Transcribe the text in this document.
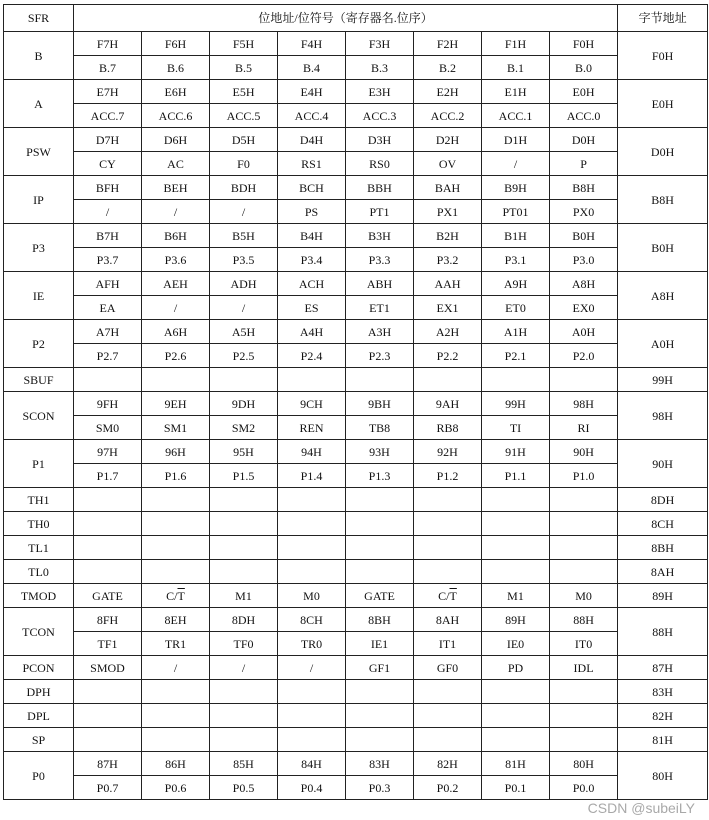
SFR	位地址/位符号（寄存器名.位序）								字节地址
B	F7H	F6H	F5H	F4H	F3H	F2H	F1H	F0H	F0H
	B.7	B.6	B.5	B.4	B.3	B.2	B.1	B.0	
A	E7H	E6H	E5H	E4H	E3H	E2H	E1H	E0H	E0H
	ACC.7	ACC.6	ACC.5	ACC.4	ACC.3	ACC.2	ACC.1	ACC.0	
PSW	D7H	D6H	D5H	D4H	D3H	D2H	D1H	D0H	D0H
	CY	AC	F0	RS1	RS0	OV	/	P	
IP	BFH	BEH	BDH	BCH	BBH	BAH	B9H	B8H	B8H
	/	/	/	PS	PT1	PX1	PT01	PX0	
P3	B7H	B6H	B5H	B4H	B3H	B2H	B1H	B0H	B0H
	P3.7	P3.6	P3.5	P3.4	P3.3	P3.2	P3.1	P3.0	
IE	AFH	AEH	ADH	ACH	ABH	AAH	A9H	A8H	A8H
	EA	/	/	ES	ET1	EX1	ET0	EX0	
P2	A7H	A6H	A5H	A4H	A3H	A2H	A1H	A0H	A0H
	P2.7	P2.6	P2.5	P2.4	P2.3	P2.2	P2.1	P2.0	
SBUF									99H
SCON	9FH	9EH	9DH	9CH	9BH	9AH	99H	98H	98H
	SM0	SM1	SM2	REN	TB8	RB8	TI	RI	
P1	97H	96H	95H	94H	93H	92H	91H	90H	90H
	P1.7	P1.6	P1.5	P1.4	P1.3	P1.2	P1.1	P1.0	
TH1									8DH
TH0									8CH
TL1									8BH
TL0									8AH
TMOD	GATE	$C/\overline{T}$	M1	M0	GATE	$C/\overline{T}$	M1	M0	89H
TCON	8FH	8EH	8DH	8CH	8BH	8AH	89H	88H	88H
	TF1	TR1	TF0	TR0	IE1	IT1	IE0	IT0	
PCON	SMOD	/	/	/	GF1	GF0	PD	IDL	87H
DPH									83H
DPL									82H
SP									81H
P0	87H	86H	85H	84H	83H	82H	81H	80H	80H
	P0.7	P0.6	P0.5	P0.4	P0.3	P0.2	P0.1	P0.0	
CSDN @subeiLY
